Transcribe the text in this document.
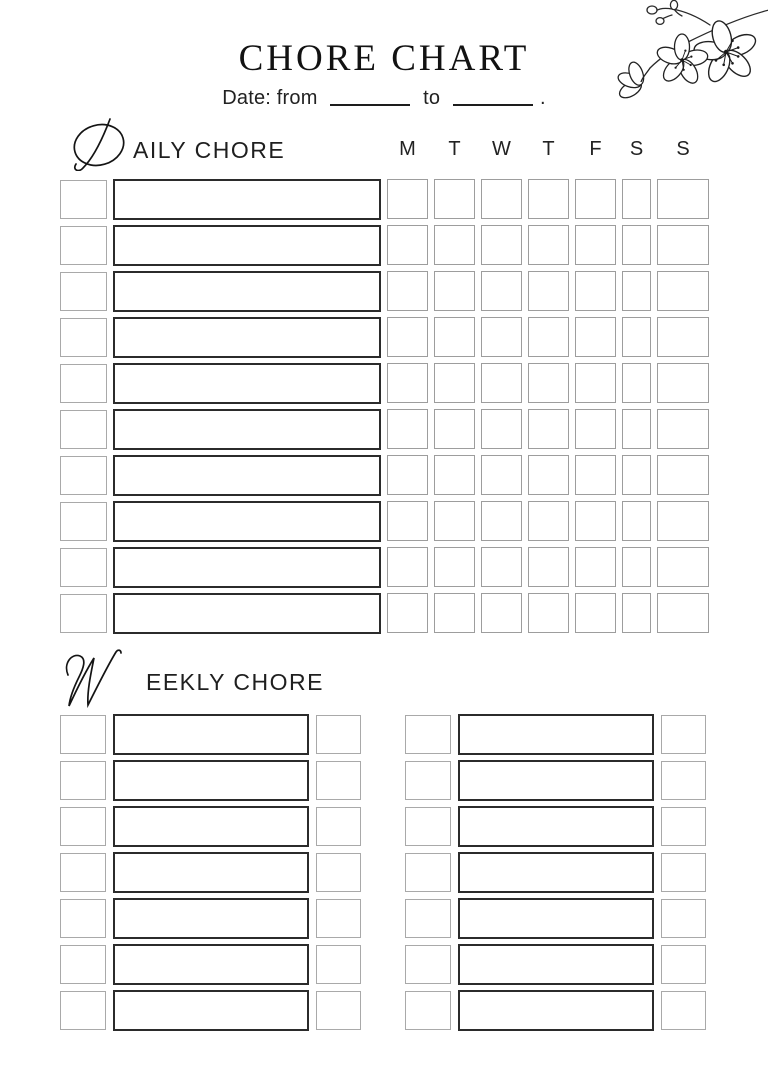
CHORE CHART
Date: from	to	.
AILY CHORE	M	T	W	T	F	S	S
EEKLY CHORE
